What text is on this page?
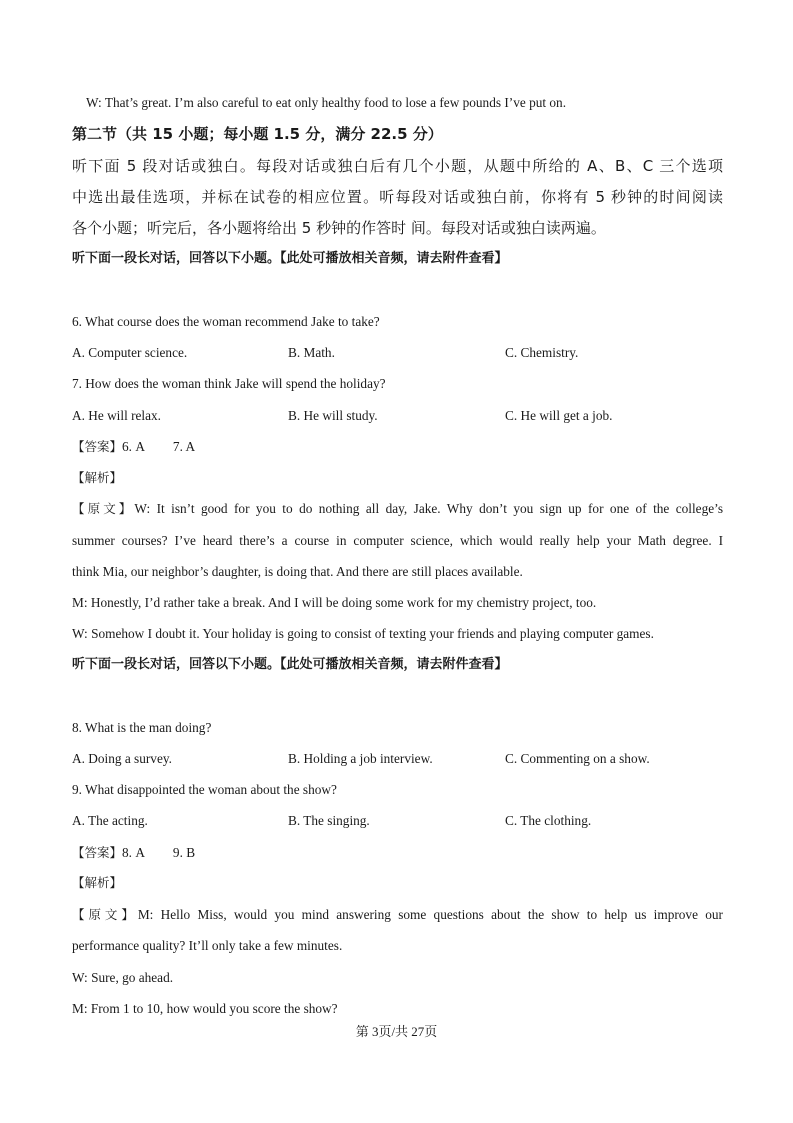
W: That’s great. I’m also careful to eat only healthy food to lose a few pounds I’ve put on.
第二节（共 15 小题；每小题 1.5 分，满分 22.5 分）
听下面 5 段对话或独白。每段对话或独白后有几个小题，从题中所给的 A、B、C 三个选项
中选出最佳选项，并标在试卷的相应位置。听每段对话或独白前，你将有 5 秒钟的时间阅读
各个小题；听完后，各小题将给出 5 秒钟的作答时 间。每段对话或独白读两遍。
听下面一段长对话，回答以下小题。【此处可播放相关音频，请去附件查看】
6. What course does the woman recommend Jake to take?
A. Computer science.	B. Math.	C. Chemistry.
7. How does the woman think Jake will spend the holiday?
A. He will relax.	B. He will study.	C. He will get a job.
【答案】6. A 7. A
【解析】
【原文】W: It isn’t good for you to do nothing all day, Jake. Why don’t you sign up for one of the college’s
summer courses? I’ve heard there’s a course in computer science, which would really help your Math degree. I
think Mia, our neighbor’s daughter, is doing that. And there are still places available.
M: Honestly, I’d rather take a break. And I will be doing some work for my chemistry project, too.
W: Somehow I doubt it. Your holiday is going to consist of texting your friends and playing computer games.
听下面一段长对话，回答以下小题。【此处可播放相关音频，请去附件查看】
8. What is the man doing?
A. Doing a survey.	B. Holding a job interview.	C. Commenting on a show.
9. What disappointed the woman about the show?
A. The acting.	B. The singing.	C. The clothing.
【答案】8. A 9. B
【解析】
【原文】M: Hello Miss, would you mind answering some questions about the show to help us improve our
performance quality? It’ll only take a few minutes.
W: Sure, go ahead.
M: From 1 to 10, how would you score the show?
第 3页/共 27页
